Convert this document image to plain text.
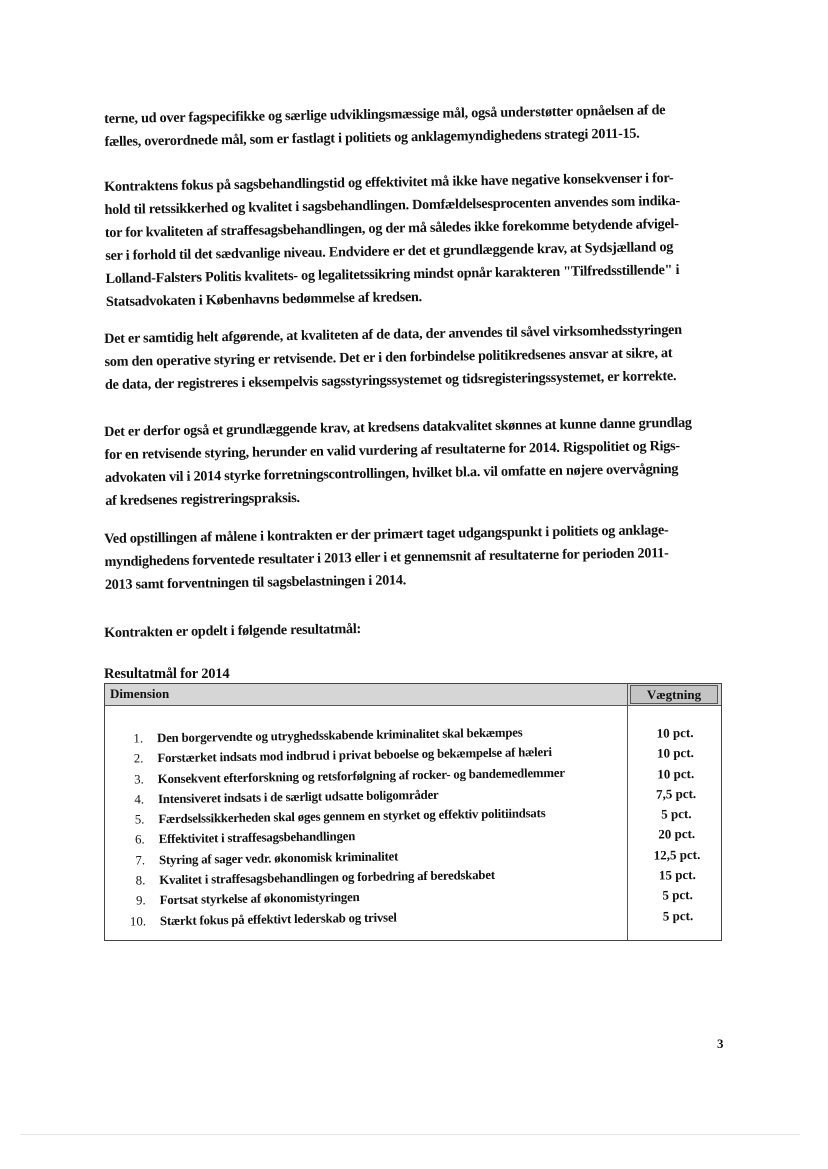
terne, ud over fagspecifikke og særlige udviklingsmæssige mål, også understøtter opnåelsen af de
fælles, overordnede mål, som er fastlagt i politiets og anklagemyndighedens strategi 2011-15.
Kontraktens fokus på sagsbehandlingstid og effektivitet må ikke have negative konsekvenser i for-
hold til retssikkerhed og kvalitet i sagsbehandlingen. Domfældelsesprocenten anvendes som indika-
tor for kvaliteten af straffesagsbehandlingen, og der må således ikke forekomme betydende afvigel-
ser i forhold til det sædvanlige niveau. Endvidere er det et grundlæggende krav, at Sydsjælland og
Lolland-Falsters Politis kvalitets- og legalitetssikring mindst opnår karakteren "Tilfredsstillende" i
Statsadvokaten i Københavns bedømmelse af kredsen.
Det er samtidig helt afgørende, at kvaliteten af de data, der anvendes til såvel virksomhedsstyringen
som den operative styring er retvisende. Det er i den forbindelse politikredsenes ansvar at sikre, at
de data, der registreres i eksempelvis sagsstyringssystemet og tidsregisteringssystemet, er korrekte.
Det er derfor også et grundlæggende krav, at kredsens datakvalitet skønnes at kunne danne grundlag
for en retvisende styring, herunder en valid vurdering af resultaterne for 2014. Rigspolitiet og Rigs-
advokaten vil i 2014 styrke forretningscontrollingen, hvilket bl.a. vil omfatte en nøjere overvågning
af kredsenes registreringspraksis.
Ved opstillingen af målene i kontrakten er der primært taget udgangspunkt i politiets og anklage-
myndighedens forventede resultater i 2013 eller i et gennemsnit af resultaterne for perioden 2011-
2013 samt forventningen til sagsbelastningen i 2014.
Kontrakten er opdelt i følgende resultatmål:
Resultatmål for 2014
Dimension	Vægtning
1. Den borgervendte og utryghedsskabende kriminalitet skal bekæmpes
2. Forstærket indsats mod indbrud i privat beboelse og bekæmpelse af hæleri
3. Konsekvent efterforskning og retsforfølgning af rocker- og bandemedlemmer
4. Intensiveret indsats i de særligt udsatte boligområder
5. Færdselssikkerheden skal øges gennem en styrket og effektiv politiindsats
6. Effektivitet i straffesagsbehandlingen
7. Styring af sager vedr. økonomisk kriminalitet
8. Kvalitet i straffesagsbehandlingen og forbedring af beredskabet
9. Fortsat styrkelse af økonomistyringen
10. Stærkt fokus på effektivt lederskab og trivsel
10 pct.
10 pct.
10 pct.
7,5 pct.
5 pct.
20 pct.
12,5 pct.
15 pct.
5 pct.
5 pct.
3
